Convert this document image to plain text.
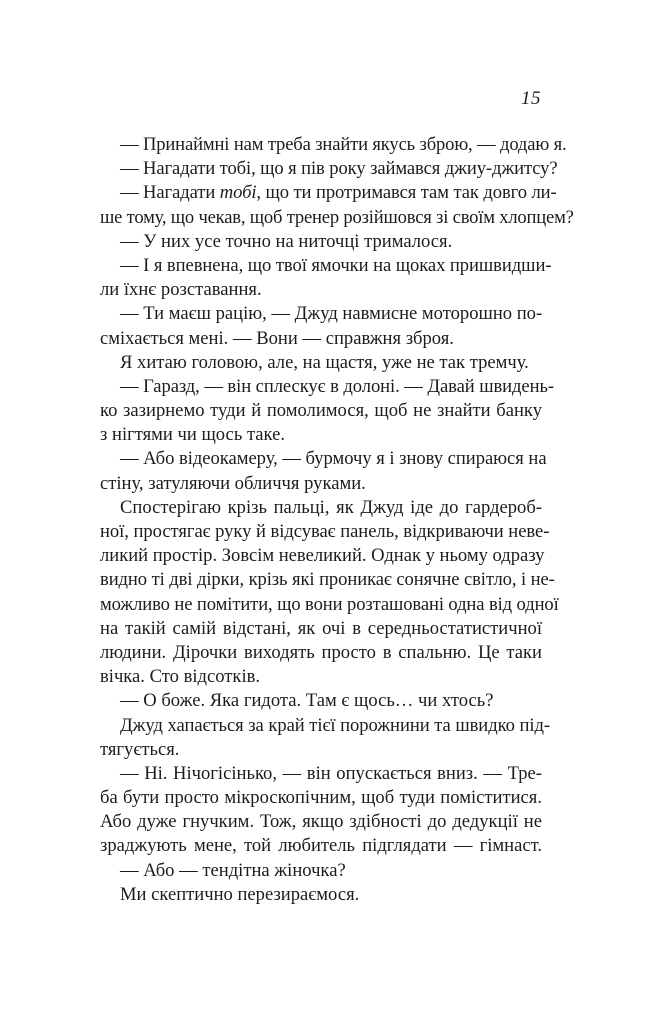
15
— Принаймні нам треба знайти якусь зброю, — додаю я.
— Нагадати тобі, що я пів року займався джиу-джитсу?
— Нагадати тобі, що ти протримався там так довго ли-
ше тому, що чекав, щоб тренер розійшовся зі своїм хлопцем?
— У них усе точно на ниточці трималося.
— І я впевнена, що твої ямочки на щоках пришвидши-
ли їхнє розставання.
— Ти маєш рацію, — Джуд навмисне моторошно по-
сміхається мені. — Вони — справжня зброя.
Я хитаю головою, але, на щастя, уже не так тремчу.
— Гаразд, — він сплескує в долоні. — Давай швидень-
ко зазирнемо туди й помолимося, щоб не знайти банку
з нігтями чи щось таке.
— Або відеокамеру, — бурмочу я і знову спираюся на
стіну, затуляючи обличчя руками.
Спостерігаю крізь пальці, як Джуд іде до гардероб-
ної, простягає руку й відсуває панель, відкриваючи неве-
ликий простір. Зовсім невеликий. Однак у ньому одразу
видно ті дві дірки, крізь які проникає сонячне світло, і не-
можливо не помітити, що вони розташовані одна від одної
на такій самій відстані, як очі в середньостатистичної
людини. Дірочки виходять просто в спальню. Це таки
вічка. Сто відсотків.
— О боже. Яка гидота. Там є щось… чи хтось?
Джуд хапається за край тієї порожнини та швидко під-
тягується.
— Ні. Нічогісінько, — він опускається вниз. — Тре-
ба бути просто мікроскопічним, щоб туди поміститися.
Або дуже гнучким. Тож, якщо здібності до дедукції не
зраджують мене, той любитель підглядати — гімнаст.
— Або — тендітна жіночка?
Ми скептично перезираємося.
